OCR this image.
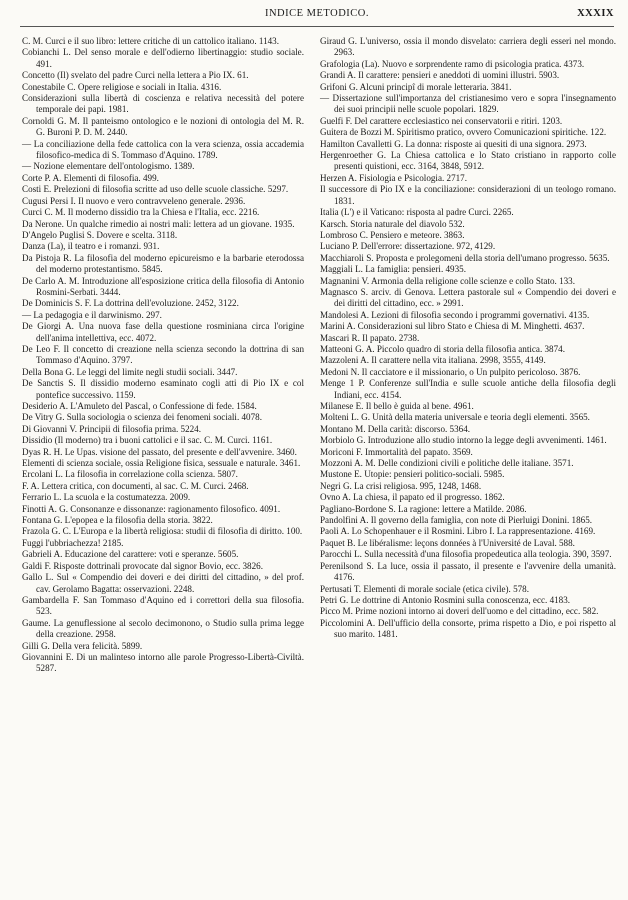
INDICE METODICO.	XXXIX
C. M. Curci e il suo libro: lettere critiche di un cattolico italiano. 1143.
Cobianchi L. Del senso morale e dell'odierno libertinaggio: studio sociale. 491.
Concetto (Il) svelato del padre Curci nella lettera a Pio IX. 61.
Conestabile C. Opere religiose e sociali in Italia. 4316.
Considerazioni sulla libertà di coscienza e relativa necessità del potere temporale dei papi. 1981.
Cornoldi G. M. Il panteismo ontologico e le nozioni di ontologia del M. R. G. Buroni P. D. M. 2440.
— La conciliazione della fede cattolica con la vera scienza, ossia accademia filosofico-medica di S. Tommaso d'Aquino. 1789.
— Nozione elementare dell'ontologismo. 1389.
Corte P. A. Elementi di filosofia. 499.
Costi E. Prelezioni di filosofia scritte ad uso delle scuole classiche. 5297.
Cugusi Persi I. Il nuovo e vero contravveleno generale. 2936.
Curci C. M. Il moderno dissidio tra la Chiesa e l'Italia, ecc. 2216.
Da Nerone. Un qualche rimedio ai nostri mali: lettera ad un giovane. 1935.
D'Angelo Puglisi S. Dovere e scelta. 3118.
Danza (La), il teatro e i romanzi. 931.
Da Pistoja R. La filosofia del moderno epicureismo e la barbarie eterodossa del moderno protestantismo. 5845.
De Carlo A. M. Introduzione all'esposizione critica della filosofia di Antonio Rosmini-Serbati. 3444.
De Dominicis S. F. La dottrina dell'evoluzione. 2452, 3122.
— La pedagogia e il darwinismo. 297.
De Giorgi A. Una nuova fase della questione rosminiana circa l'origine dell'anima intellettiva, ecc. 4072.
De Leo F. Il concetto di creazione nella scienza secondo la dottrina di san Tommaso d'Aquino. 3797.
Della Bona G. Le leggi del limite negli studii sociali. 3447.
De Sanctis S. Il dissidio moderno esaminato cogli atti di Pio IX e col pontefice successivo. 1159.
Desiderio A. L'Amuleto del Pascal, o Confessione di fede. 1584.
De Vitry G. Sulla sociologia o scienza dei fenomeni sociali. 4078.
Di Giovanni V. Principii di filosofia prima. 5224.
Dissidio (Il moderno) tra i buoni cattolici e il sac. C. M. Curci. 1161.
Dyas R. H. Le Upas. visione del passato, del presente e dell'avvenire. 3460.
Elementi di scienza sociale, ossia Religione fisica, sessuale e naturale. 3461.
Ercolani L. La filosofia in correlazione colla scienza. 5807.
F. A. Lettera critica, con documenti, al sac. C. M. Curci. 2468.
Ferrario L. La scuola e la costumatezza. 2009.
Finotti A. G. Consonanze e dissonanze: ragionamento filosofico. 4091.
Fontana G. L'epopea e la filosofia della storia. 3822.
Frazola G. C. L'Europa e la libertà religiosa: studii di filosofia di diritto. 100.
Fuggi l'ubbriachezza! 2185.
Gabrieli A. Educazione del carattere: voti e speranze. 5605.
Galdi F. Risposte dottrinali provocate dal signor Bovio, ecc. 3826.
Gallo L. Sul « Compendio dei doveri e dei diritti del cittadino, » del prof. cav. Gerolamo Bagatta: osservazioni. 2248.
Gambardella F. San Tommaso d'Aquino ed i correttori della sua filosofia. 523.
Gaume. La genuflessione al secolo decimonono, o Studio sulla prima legge della creazione. 2958.
Gilli G. Della vera felicità. 5899.
Giovannini E. Di un malinteso intorno alle parole Progresso-Libertà-Civiltà. 5287.
Giraud G. L'universo, ossia il mondo disvelato: carriera degli esseri nel mondo. 2963.
Grafologia (La). Nuovo e sorprendente ramo di psicologia pratica. 4373.
Grandi A. Il carattere: pensieri e aneddoti di uomini illustri. 5903.
Grifoni G. Alcuni principî di morale letteraria. 3841.
— Dissertazione sull'importanza del cristianesimo vero e sopra l'insegnamento dei suoi principii nelle scuole popolari. 1829.
Guelfi F. Del carattere ecclesiastico nei conservatorii e ritiri. 1203.
Guitera de Bozzi M. Spiritismo pratico, ovvero Comunicazioni spiritiche. 122.
Hamilton Cavalletti G. La donna: risposte ai quesiti di una signora. 2973.
Hergenroether G. La Chiesa cattolica e lo Stato cristiano in rapporto colle presenti quistioni, ecc. 3164, 3848, 5912.
Herzen A. Fisiologia e Psicologia. 2717.
Il successore di Pio IX e la conciliazione: considerazioni di un teologo romano. 1831.
Italia (L') e il Vaticano: risposta al padre Curci. 2265.
Karsch. Storia naturale del diavolo 532.
Lombroso C. Pensiero e meteore. 3863.
Luciano P. Dell'errore: dissertazione. 972, 4129.
Macchiaroli S. Proposta e prolegomeni della storia dell'umano progresso. 5635.
Maggiali L. La famiglia: pensieri. 4935.
Magnanini V. Armonia della religione colle scienze e collo Stato. 133.
Magnasco S. arciv. di Genova. Lettera pastorale sul « Compendio dei doveri e dei diritti del cittadino, ecc. » 2991.
Mandolesi A. Lezioni di filosofia secondo i programmi governativi. 4135.
Marini A. Considerazioni sul libro Stato e Chiesa di M. Minghetti. 4637.
Mascari R. Il papato. 2738.
Matteoni G. A. Piccolo quadro di storia della filosofia antica. 3874.
Mazzoleni A. Il carattere nella vita italiana. 2998, 3555, 4149.
Medoni N. Il cacciatore e il missionario, o Un pulpito pericoloso. 3876.
Menge 1 P. Conferenze sull'India e sulle scuole antiche della filosofia degli Indiani, ecc. 4154.
Milanese E. Il bello è guida al bene. 4961.
Molteni L. G. Unità della materia universale e teoria degli elementi. 3565.
Montano M. Della carità: discorso. 5364.
Morbiolo G. Introduzione allo studio intorno la legge degli avvenimenti. 1461.
Moriconi F. Immortalità del papato. 3569.
Mozzoni A. M. Delle condizioni civili e politiche delle italiane. 3571.
Mustone E. Utopie: pensieri politico-sociali. 5985.
Negri G. La crisi religiosa. 995, 1248, 1468.
Ovno A. La chiesa, il papato ed il progresso. 1862.
Pagliano-Bordone S. La ragione: lettere a Matilde. 2086.
Pandolfini A. Il governo della famiglia, con note di Pierluigi Donini. 1865.
Paoli A. Lo Schopenhauer e il Rosmini. Libro I. La rappresentazione. 4169.
Paquet B. Le libéralisme: leçons données à l'Université de Laval. 588.
Parocchi L. Sulla necessità d'una filosofia propedeutica alla teologia. 390, 3597.
Perenilsond S. La luce, ossia il passato, il presente e l'avvenire della umanità. 4176.
Pertusati T. Elementi di morale sociale (etica civile). 578.
Petri G. Le dottrine di Antonio Rosmini sulla conoscenza, ecc. 4183.
Picco M. Prime nozioni intorno ai doveri dell'uomo e del cittadino, ecc. 582.
Piccolomini A. Dell'ufficio della consorte, prima rispetto a Dio, e poi rispetto al suo marito. 1481.
